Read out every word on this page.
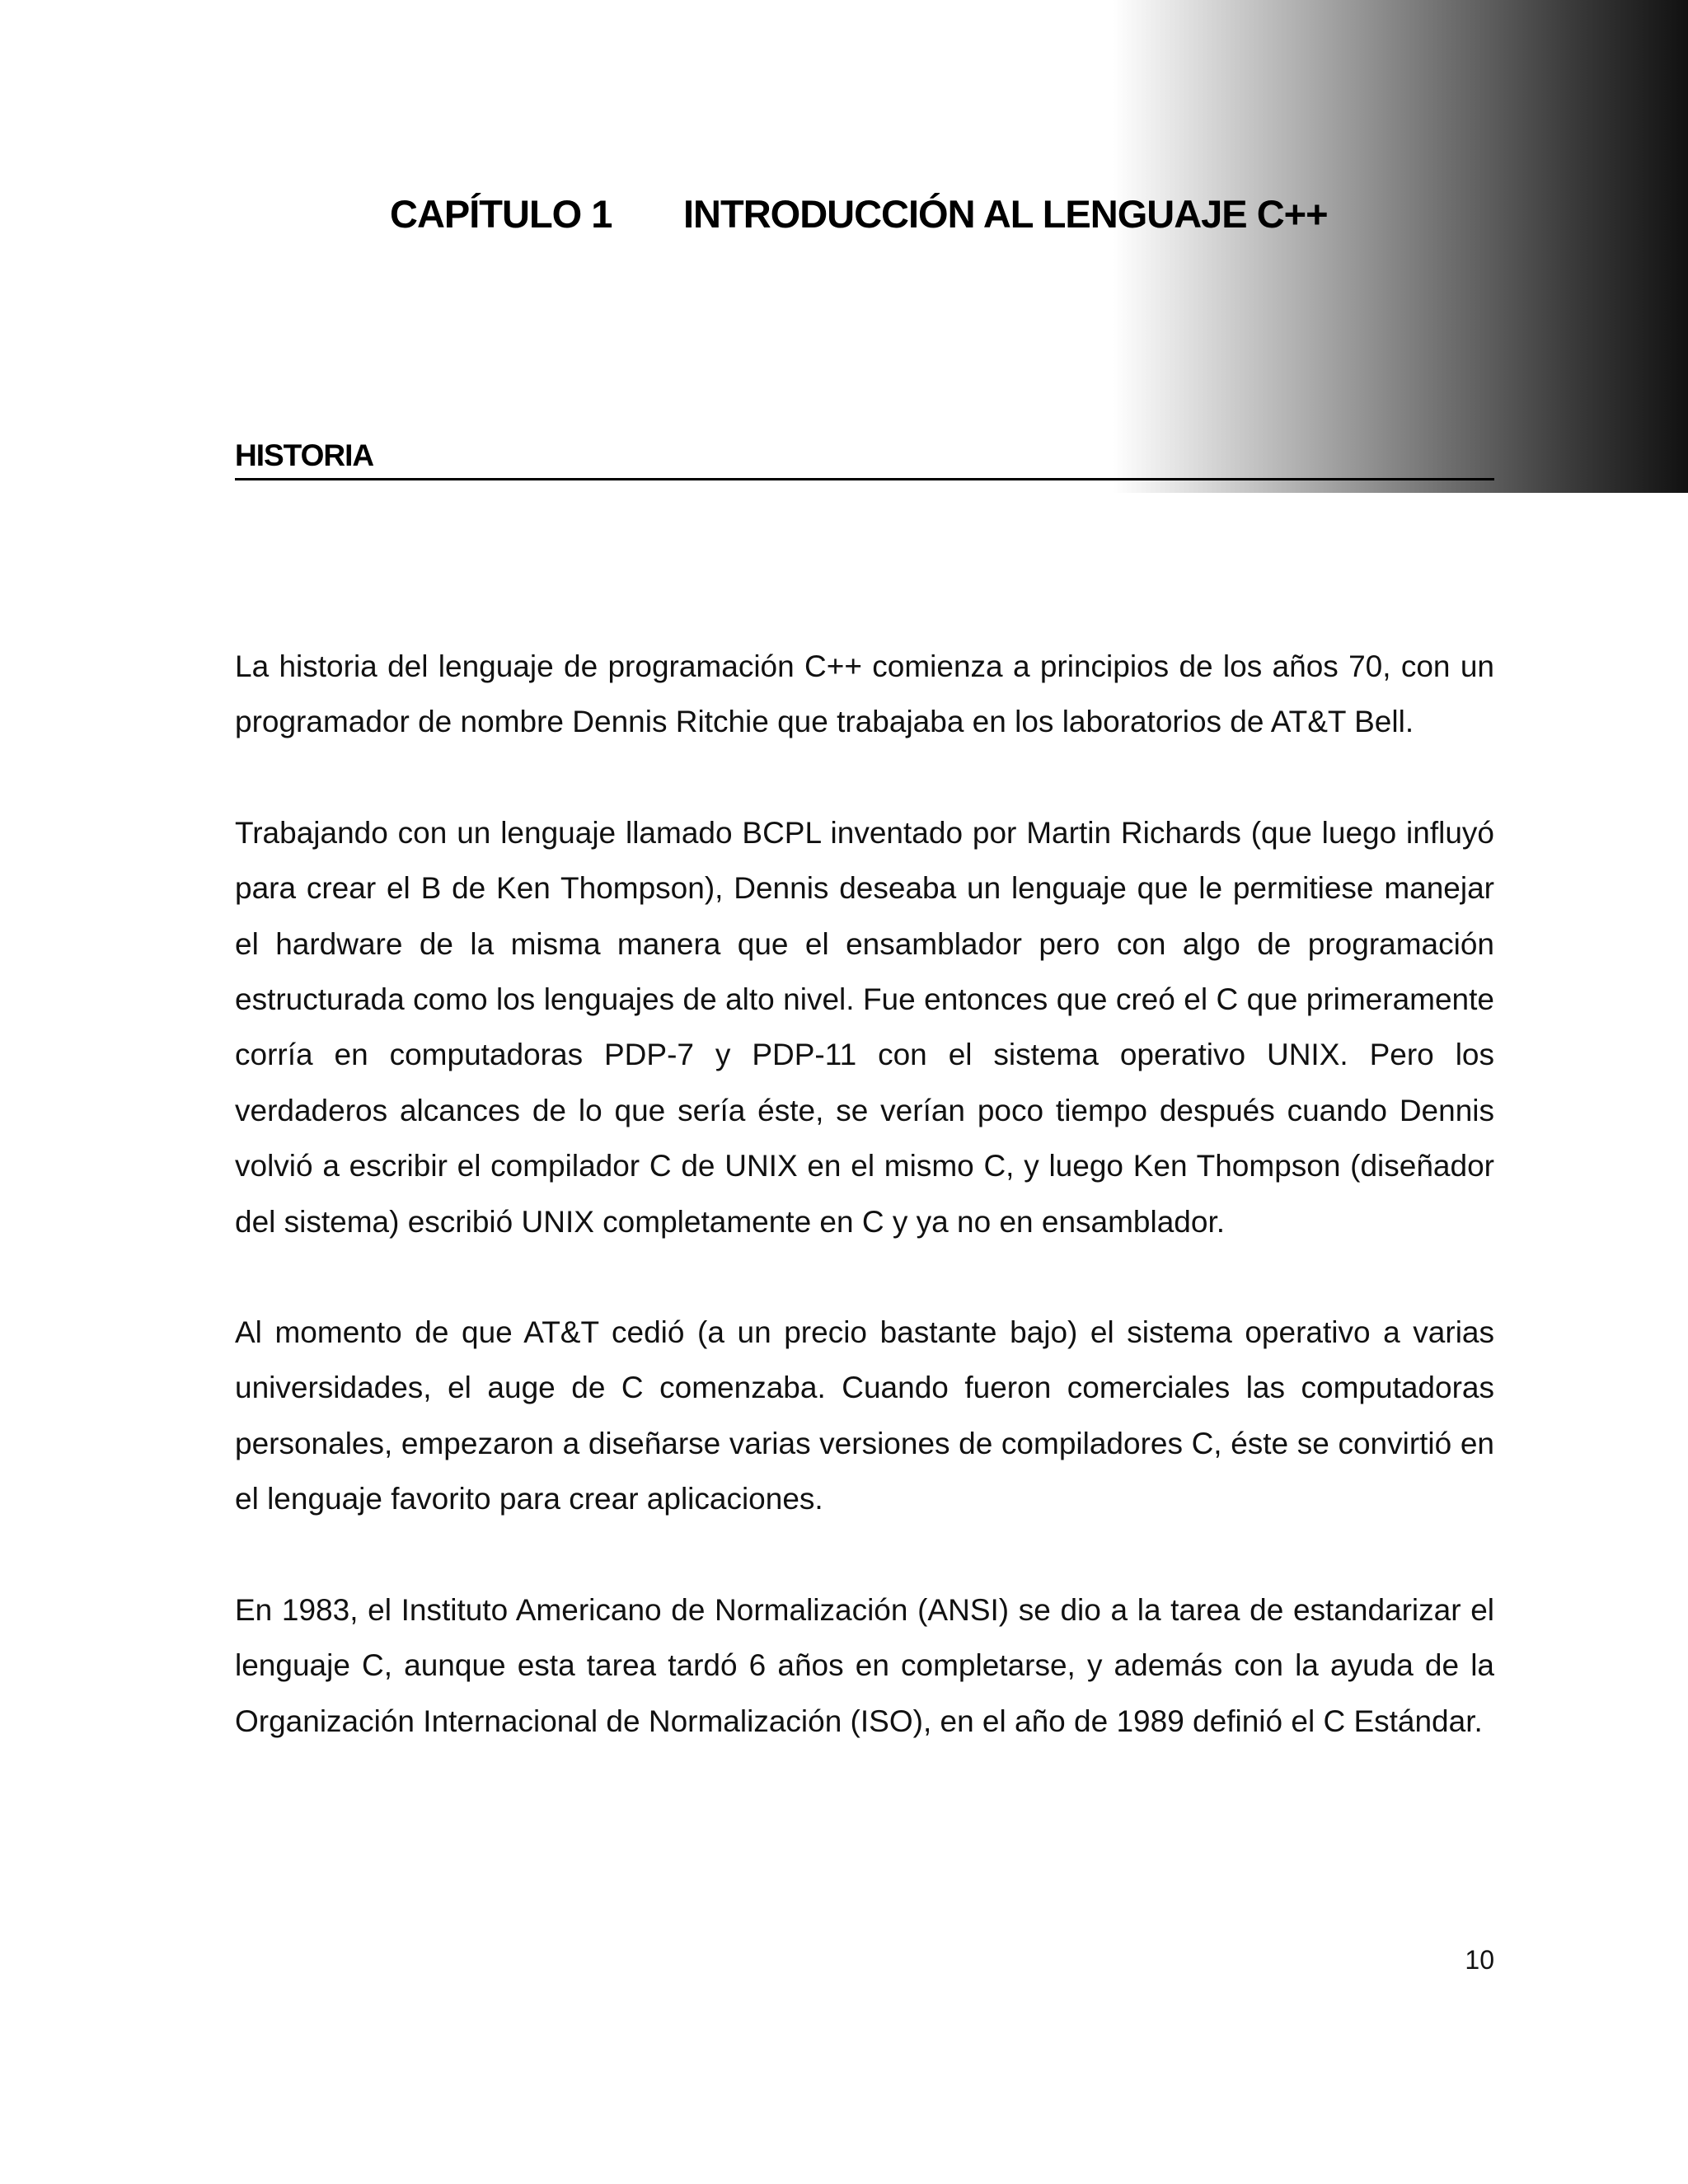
CAPÍTULO 1 INTRODUCCIÓN AL LENGUAJE C++
HISTORIA

La historia del lenguaje de programación C++ comienza a principios de los años 70, con un programador de nombre Dennis Ritchie que trabajaba en los laboratorios de AT&T Bell.

Trabajando con un lenguaje llamado BCPL inventado por Martin Richards (que luego influyó para crear el B de Ken Thompson), Dennis deseaba un lenguaje que le permitiese manejar el hardware de la misma manera que el ensamblador pero con algo de programación estructurada como los lenguajes de alto nivel. Fue entonces que creó el C que primeramente corría en computadoras PDP-7 y PDP-11 con el sistema operativo UNIX. Pero los verdaderos alcances de lo que sería éste, se verían poco tiempo después cuando Dennis volvió a escribir el compilador C de UNIX en el mismo C, y luego Ken Thompson (diseñador del sistema) escribió UNIX completamente en C y ya no en ensamblador.

Al momento de que AT&T cedió (a un precio bastante bajo) el sistema operativo a varias universidades, el auge de C comenzaba. Cuando fueron comerciales las computadoras personales, empezaron a diseñarse varias versiones de compiladores C, éste se convirtió en el lenguaje favorito para crear aplicaciones.

En 1983, el Instituto Americano de Normalización (ANSI) se dio a la tarea de estandarizar el lenguaje C, aunque esta tarea tardó 6 años en completarse, y además con la ayuda de la Organización Internacional de Normalización (ISO), en el año de 1989 definió el C Estándar.

10
